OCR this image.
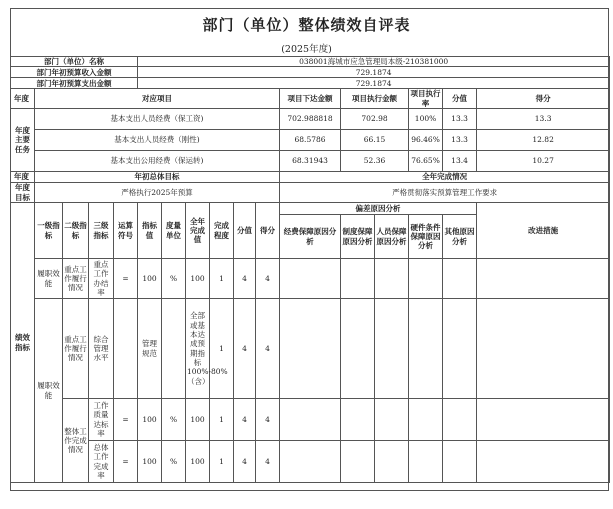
部门（单位）整体绩效自评表
(2025年度)
部门（单位）名称					038001海城市应急管理局本级-210381000											
部门年初预算收入金额					729.1874											
部门年初预算支出金额					729.1874											
年度	对应项目										项目下达金额	项目执行金额		项目执行率	分值	得分
年度主要任务	基本支出人员经费（保工资)										702.988818	702.98		100%	13.3	13.3
	基本支出人员经费（刚性)										68.5786	66.15		96.46%	13.3	12.82
	基本支出公用经费（保运转)										68.31943	52.36		76.65%	13.4	10.27
年度	年初总体目标										全年完成情况					
年度目标	严格执行2025年预算										严格贯彻落实预算管理工作要求					
绩效指标	一级指标	二级指标	三级指标	运算符号	指标值	度量单位	全年完成值	完成程度	分值	得分	偏差原因分析					改进措施
											经费保障原因分析	制度保障原因分析	人员保障原因分析	硬件条件保障原因分析	其他原因分析	
	履职效能	重点工作履行情况	重点工作办结率	=	100	%	100	1	4	4						
	履职效能	重点工作履行情况	综合管理水平		管理规范		全部或基本达成预期指标100%-80%（含）	1	4	4						
		整体工作完成情况	工作质量达标率	=	100	%	100	1	4	4						
			总体工作完成率	=	100	%	100	1	4	4						
